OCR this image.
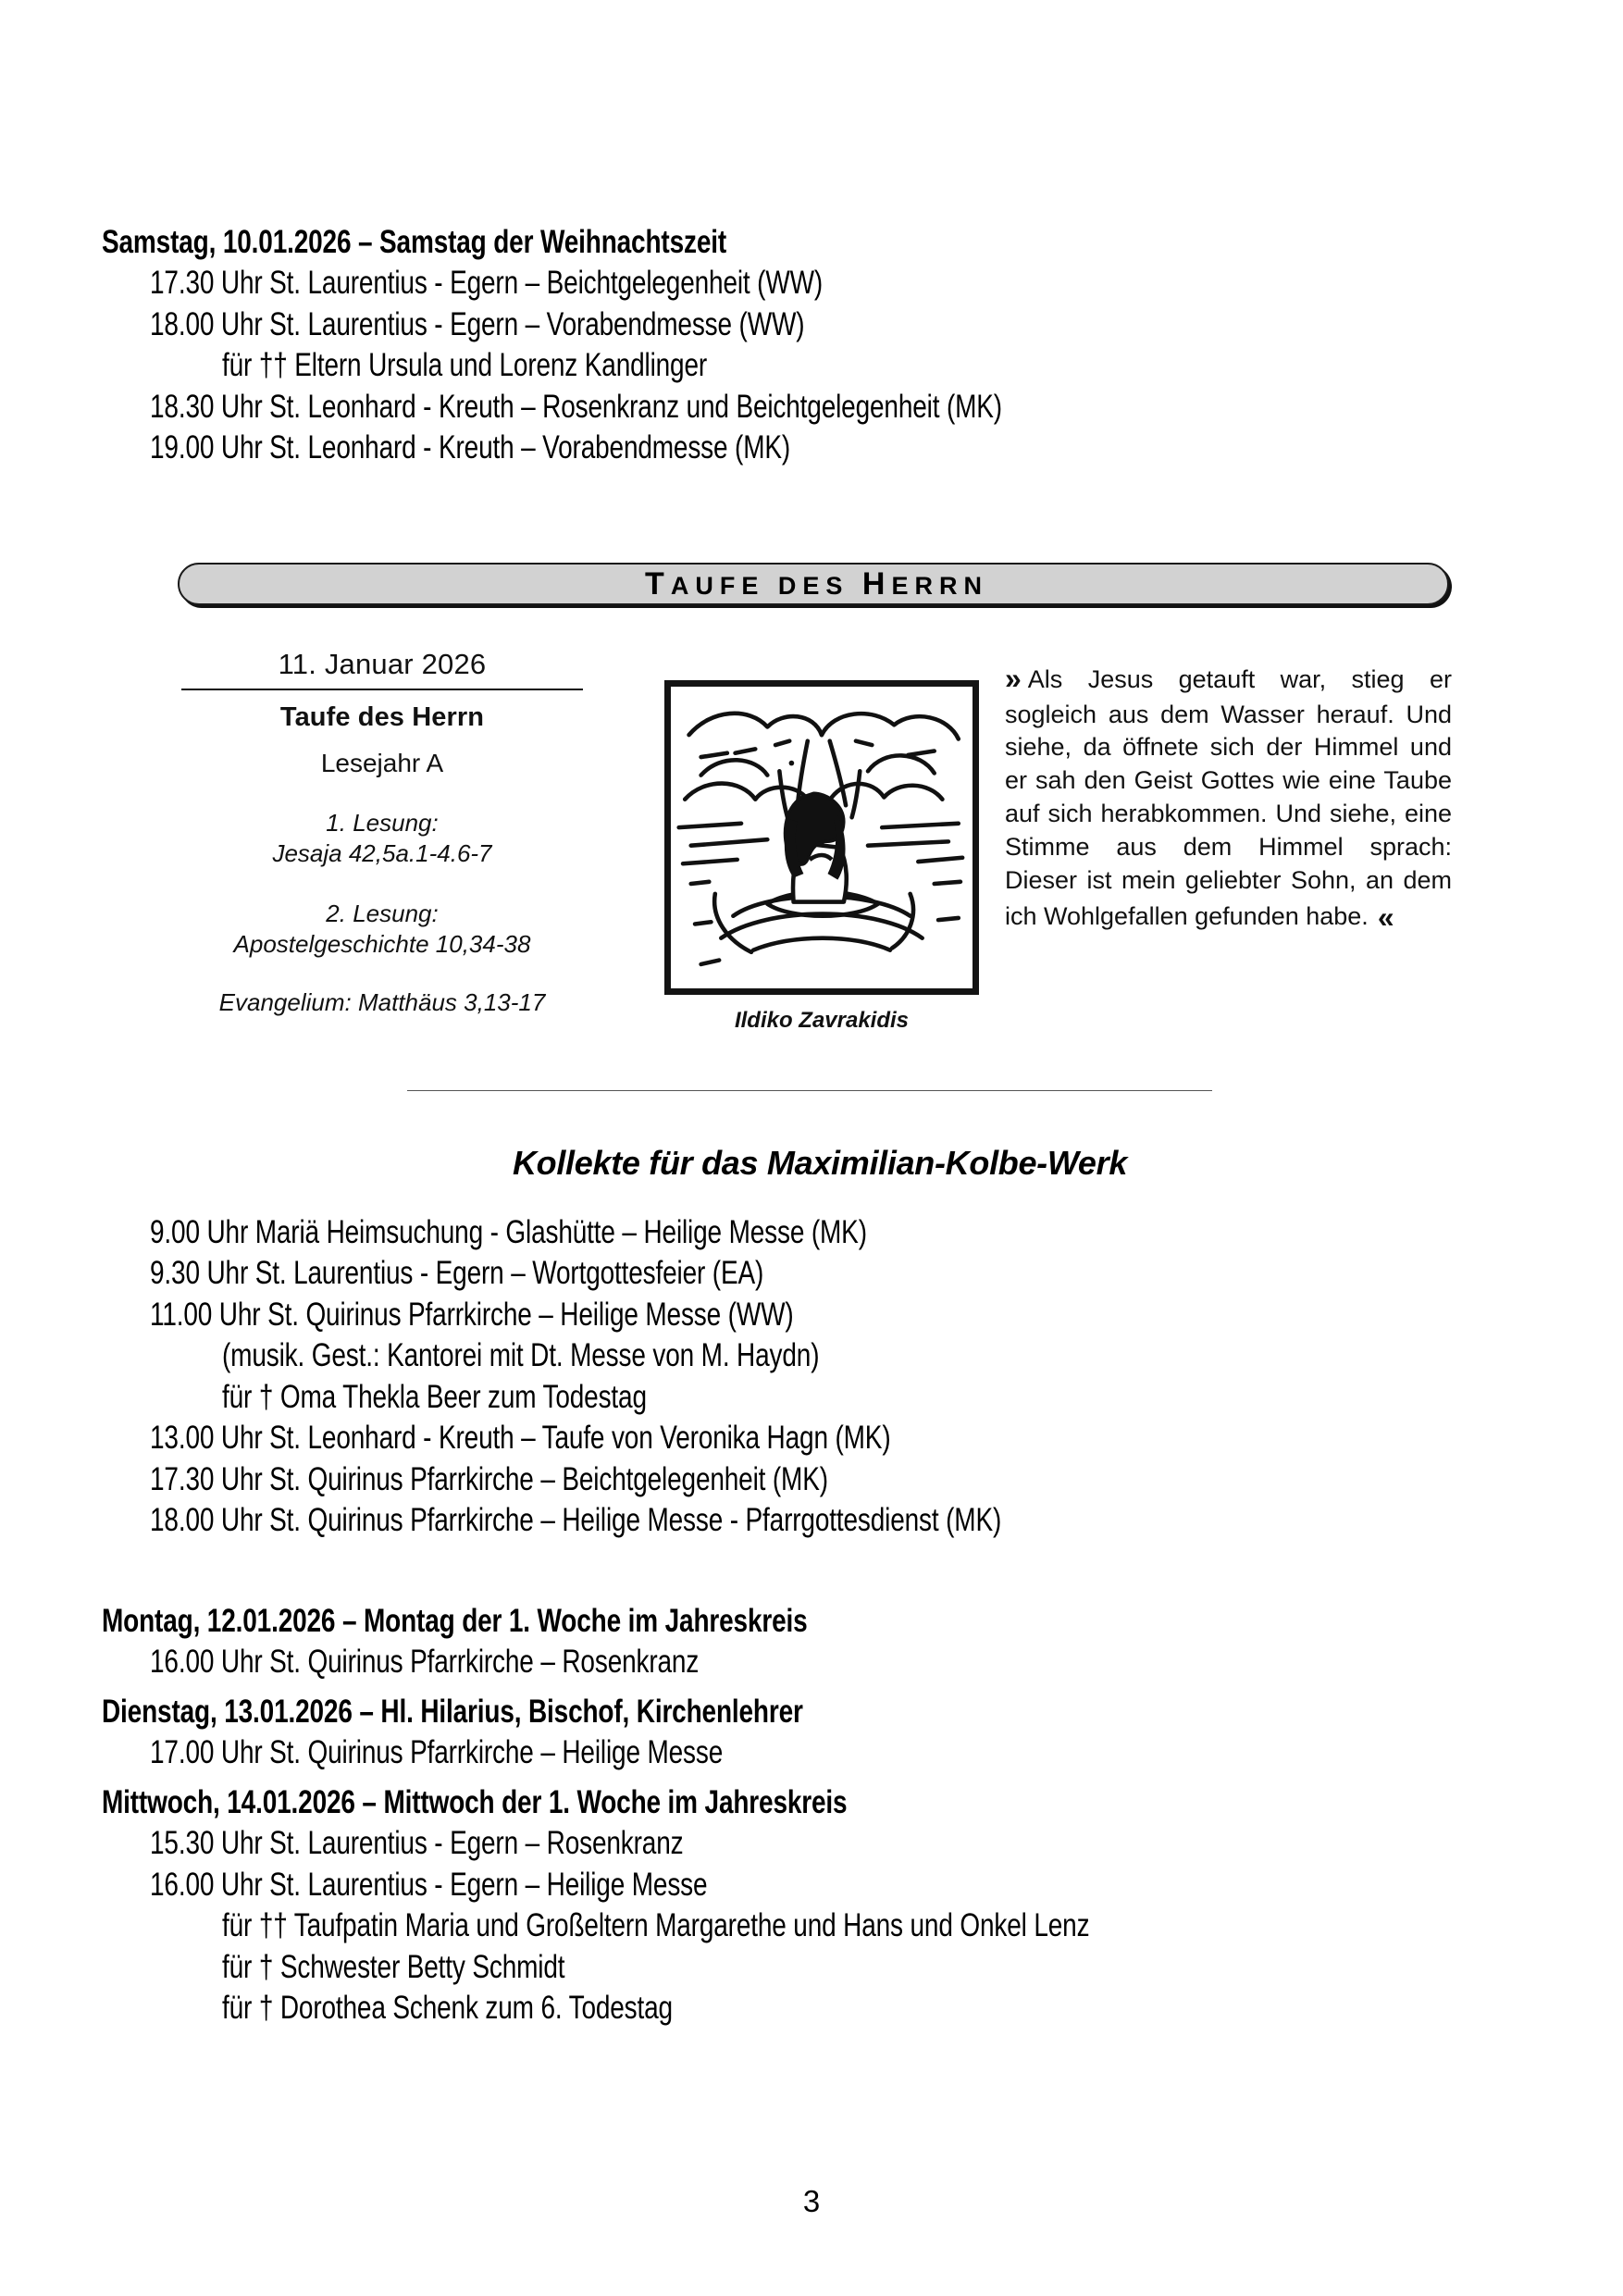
Samstag, 10.01.2026 – Samstag der Weihnachtszeit
17.30 Uhr St. Laurentius - Egern – Beichtgelegenheit (WW)
18.00 Uhr St. Laurentius - Egern – Vorabendmesse (WW)
für †† Eltern Ursula und Lorenz Kandlinger
18.30 Uhr St. Leonhard - Kreuth – Rosenkranz und Beichtgelegenheit (MK)
19.00 Uhr St. Leonhard - Kreuth – Vorabendmesse (MK)
TAUFE DES HERRN
11. Januar 2026
Taufe des Herrn
Lesejahr A
1. Lesung:
Jesaja 42,5a.1-4.6-7
2. Lesung:
Apostelgeschichte 10,34-38
Evangelium: Matthäus 3,13-17
Ildiko Zavrakidis
» Als Jesus getauft war, stieg er sogleich aus dem Wasser herauf. Und siehe, da öffnete sich der Himmel und er sah den Geist Gottes wie eine Taube auf sich herabkommen. Und siehe, eine Stimme aus dem Himmel sprach: Dieser ist mein geliebter Sohn, an dem ich Wohlgefallen gefunden habe. «
Kollekte für das Maximilian-Kolbe-Werk
9.00 Uhr Mariä Heimsuchung - Glashütte – Heilige Messe (MK)
9.30 Uhr St. Laurentius - Egern – Wortgottesfeier (EA)
11.00 Uhr St. Quirinus Pfarrkirche – Heilige Messe (WW)
(musik. Gest.: Kantorei mit Dt. Messe von M. Haydn)
für † Oma Thekla Beer zum Todestag
13.00 Uhr St. Leonhard - Kreuth – Taufe von Veronika Hagn (MK)
17.30 Uhr St. Quirinus Pfarrkirche – Beichtgelegenheit (MK)
18.00 Uhr St. Quirinus Pfarrkirche – Heilige Messe - Pfarrgottesdienst (MK)
Montag, 12.01.2026 – Montag der 1. Woche im Jahreskreis
16.00 Uhr St. Quirinus Pfarrkirche – Rosenkranz
Dienstag, 13.01.2026 – Hl. Hilarius, Bischof, Kirchenlehrer
17.00 Uhr St. Quirinus Pfarrkirche – Heilige Messe
Mittwoch, 14.01.2026 – Mittwoch der 1. Woche im Jahreskreis
15.30 Uhr St. Laurentius - Egern – Rosenkranz
16.00 Uhr St. Laurentius - Egern – Heilige Messe
für †† Taufpatin Maria und Großeltern Margarethe und Hans und Onkel Lenz
für † Schwester Betty Schmidt
für † Dorothea Schenk zum 6. Todestag
3
